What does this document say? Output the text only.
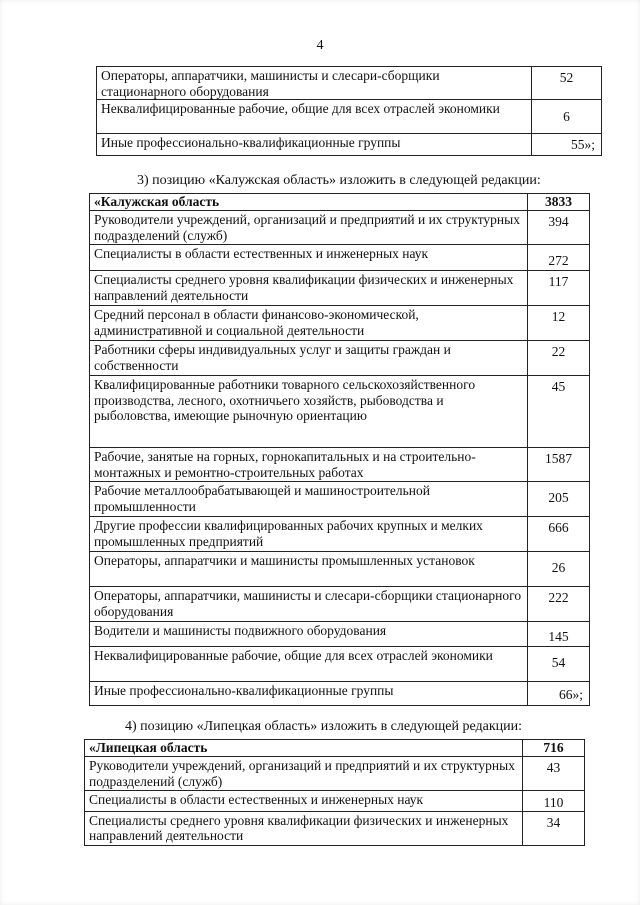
4
Операторы, аппаратчики, машинисты и слесари-сборщики стационарного оборудования	52
Неквалифицированные рабочие, общие для всех отраслей экономики	6
Иные профессионально-квалификационные группы	55»;
3) позицию «Калужская область» изложить в следующей редакции:
«Калужская область	3833
Руководители учреждений, организаций и предприятий и их структурных подразделений (служб)	394
Специалисты в области естественных и инженерных наук	272
Специалисты среднего уровня квалификации физических и инженерных направлений деятельности	117
Средний персонал в области финансово-экономической, административной и социальной деятельности	12
Работники сферы индивидуальных услуг и защиты граждан и собственности	22
Квалифицированные работники товарного сельскохозяйственного производства, лесного, охотничьего хозяйств, рыбоводства и рыболовства, имеющие рыночную ориентацию	45
Рабочие, занятые на горных, горнокапитальных и на строительно-монтажных и ремонтно-строительных работах	1587
Рабочие металлообрабатывающей и машиностроительной промышленности	205
Другие профессии квалифицированных рабочих крупных и мелких промышленных предприятий	666
Операторы, аппаратчики и машинисты промышленных установок	26
Операторы, аппаратчики, машинисты и слесари-сборщики стационарного оборудования	222
Водители и машинисты подвижного оборудования	145
Неквалифицированные рабочие, общие для всех отраслей экономики	54
Иные профессионально-квалификационные группы	66»;
4) позицию «Липецкая область» изложить в следующей редакции:
«Липецкая область	716
Руководители учреждений, организаций и предприятий и их структурных подразделений (служб)	43
Специалисты в области естественных и инженерных наук	110
Специалисты среднего уровня квалификации физических и инженерных направлений деятельности	34
